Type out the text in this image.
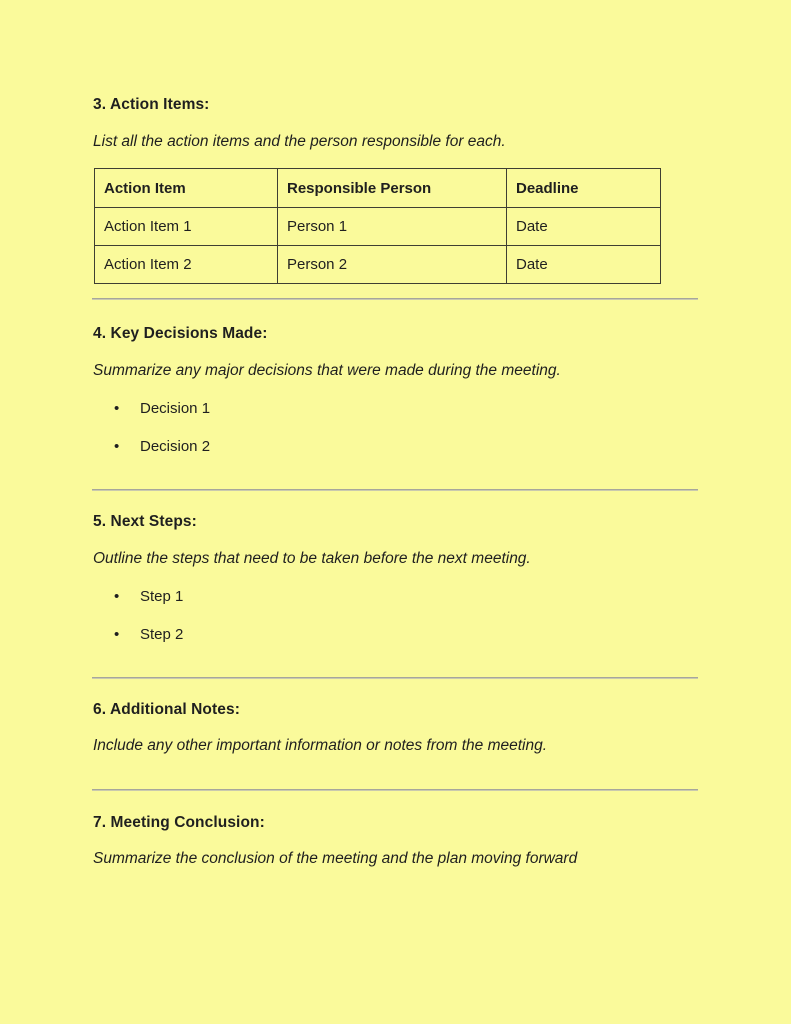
3. Action Items:
List all the action items and the person responsible for each.
Action Item	Responsible Person	Deadline
Action Item 1	Person 1	Date
Action Item 2	Person 2	Date
4. Key Decisions Made:
Summarize any major decisions that were made during the meeting.
•	Decision 1
•	Decision 2
5. Next Steps:
Outline the steps that need to be taken before the next meeting.
•	Step 1
•	Step 2
6. Additional Notes:
Include any other important information or notes from the meeting.
7. Meeting Conclusion:
Summarize the conclusion of the meeting and the plan moving forward
